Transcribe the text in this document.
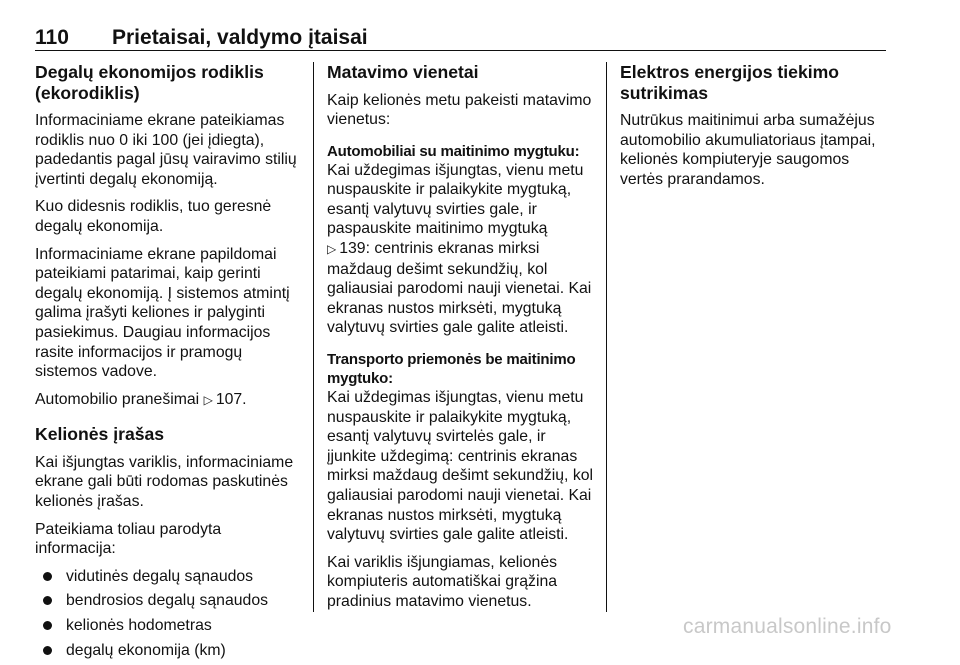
110 Prietaisai, valdymo įtaisai
Degalų ekonomijos rodiklis (ekorodiklis)

Informaciniame ekrane pateikiamas rodiklis nuo 0 iki 100 (jei įdiegta), padedantis pagal jūsų vairavimo stilių įvertinti degalų ekonomiją.

Kuo didesnis rodiklis, tuo geresnė degalų ekonomija.

Informaciniame ekrane papildomai pateikiami patarimai, kaip gerinti degalų ekonomiją. Į sistemos atmintį galima įrašyti keliones ir palyginti pasiekimus. Daugiau informacijos rasite informacijos ir pramogų sistemos vadove.

Automobilio pranešimai ▷ 107.

Kelionės įrašas

Kai išjungtas variklis, informaciniame ekrane gali būti rodomas paskutinės kelionės įrašas.

Pateikiama toliau parodyta informacija:

vidutinės degalų sąnaudos
bendrosios degalų sąnaudos
kelionės hodometras
degalų ekonomija (km)
Matavimo vienetai

Kaip kelionės metu pakeisti matavimo vienetus:

Automobiliai su maitinimo mygtuku:

Kai uždegimas išjungtas, vienu metu nuspauskite ir palaikykite mygtuką, esantį valytuvų svirties gale, ir paspauskite maitinimo mygtuką
▷ 139: centrinis ekranas mirksi maždaug dešimt sekundžių, kol galiausiai parodomi nauji vienetai. Kai ekranas nustos mirksėti, mygtuką valytuvų svirties gale galite atleisti.

Transporto priemonės be maitinimo mygtuko:

Kai uždegimas išjungtas, vienu metu nuspauskite ir palaikykite mygtuką, esantį valytuvų svirtelės gale, ir įjunkite uždegimą: centrinis ekranas mirksi maždaug dešimt sekundžių, kol galiausiai parodomi nauji vienetai. Kai ekranas nustos mirksėti, mygtuką valytuvų svirties gale galite atleisti.

Kai variklis išjungiamas, kelionės kompiuteris automatiškai grąžina pradinius matavimo vienetus.

Elektros energijos tiekimo sutrikimas

Nutrūkus maitinimui arba sumažėjus automobilio akumuliatoriaus įtampai, kelionės kompiuteryje saugomos vertės prarandamos.

carmanualsonline.info
